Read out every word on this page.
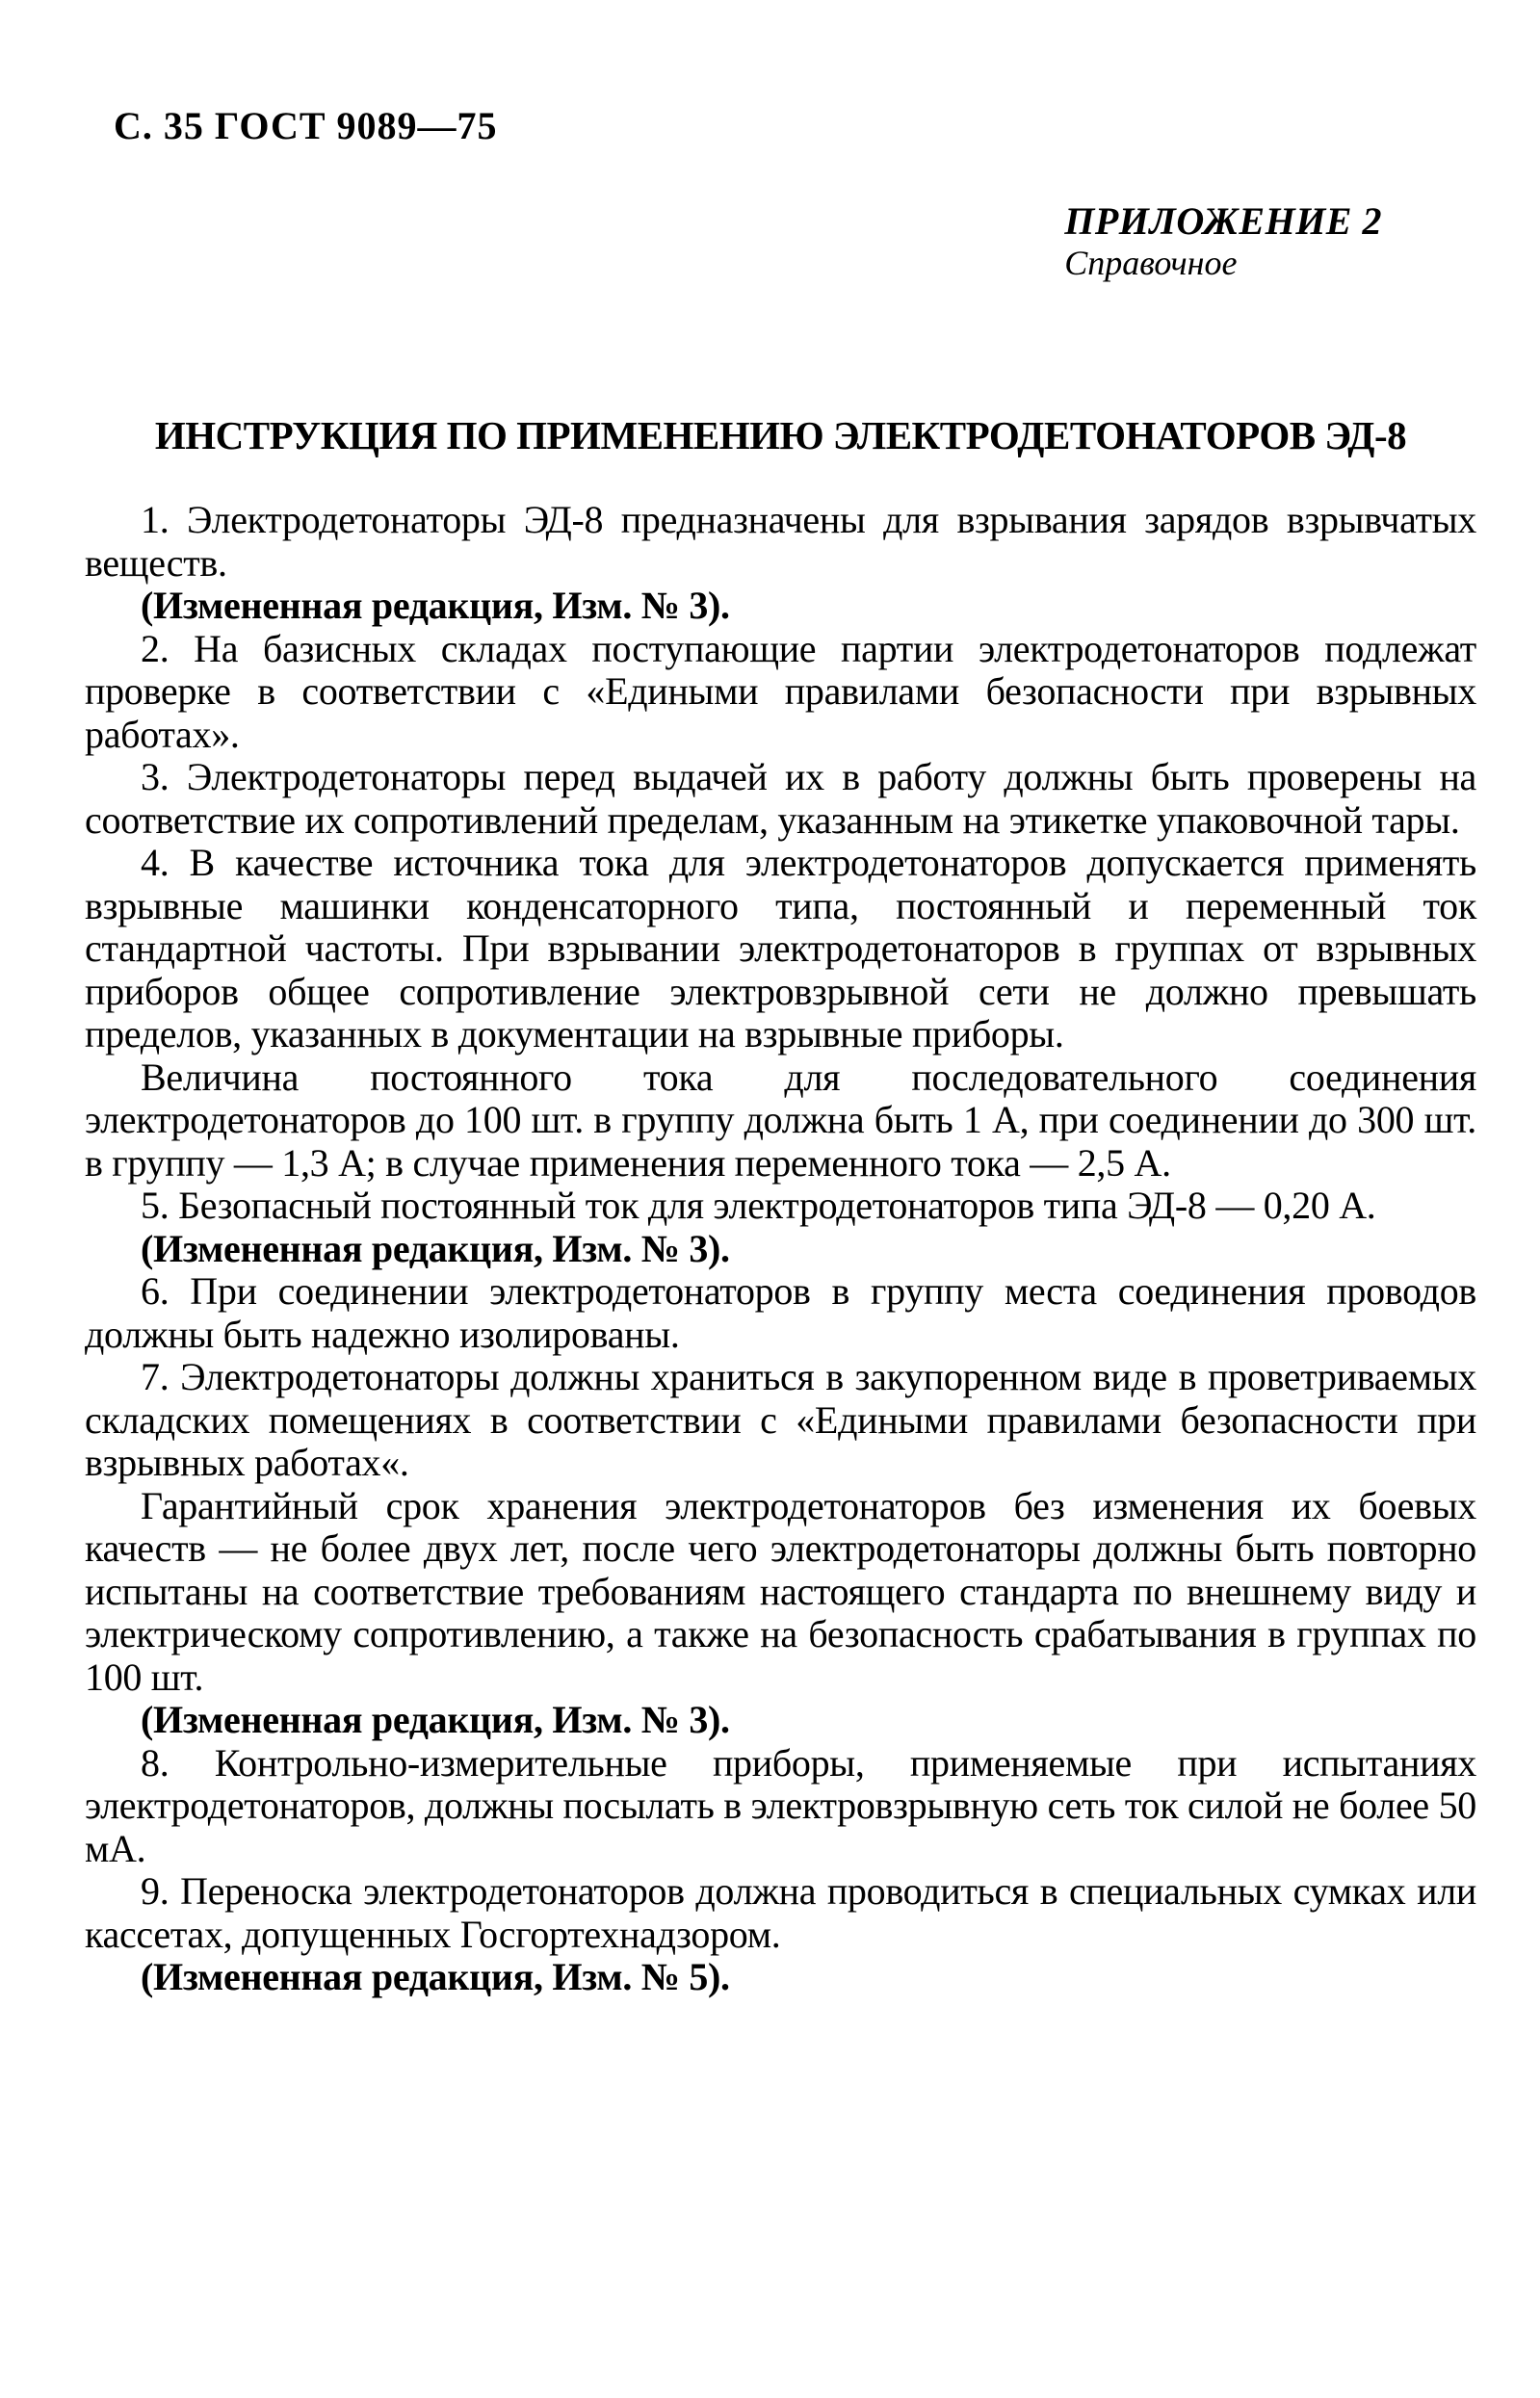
С. 35 ГОСТ 9089—75
ПРИЛОЖЕНИЕ 2
Справочное
ИНСТРУКЦИЯ ПО ПРИМЕНЕНИЮ ЭЛЕКТРОДЕТОНАТОРОВ ЭД-8

1. Электродетонаторы ЭД-8 предназначены для взрывания зарядов взрывчатых веществ.

(Измененная редакция, Изм. № 3).

2. На базисных складах поступающие партии электродетонаторов подлежат проверке в соответствии с «Едиными правилами безопасности при взрывных работах».

3. Электродетонаторы перед выдачей их в работу должны быть проверены на соответствие их сопротивлений пределам, указанным на этикетке упаковочной тары.

4. В качестве источника тока для электродетонаторов допускается применять взрывные машинки конденсаторного типа, постоянный и переменный ток стандартной частоты. При взрывании электродетонаторов в группах от взрывных приборов общее сопротивление электровзрывной сети не должно превышать пределов, указанных в документации на взрывные приборы.

Величина постоянного тока для последовательного соединения электродетонаторов до 100 шт. в группу должна быть 1 А, при соединении до 300 шт. в группу — 1,3 А; в случае применения переменного тока — 2,5 А.

5. Безопасный постоянный ток для электродетонаторов типа ЭД-8 — 0,20 А.

(Измененная редакция, Изм. № 3).

6. При соединении электродетонаторов в группу места соединения проводов должны быть надежно изолированы.

7. Электродетонаторы должны храниться в закупоренном виде в проветриваемых складских помещениях в соответствии с «Едиными правилами безопасности при взрывных работах«.

Гарантийный срок хранения электродетонаторов без изменения их боевых качеств — не более двух лет, после чего электродетонаторы должны быть повторно испытаны на соответствие требованиям настоящего стандарта по внешнему виду и электрическому сопротивлению, а также на безопасность срабатывания в группах по 100 шт.

(Измененная редакция, Изм. № 3).

8. Контрольно-измерительные приборы, применяемые при испытаниях электродетонаторов, должны посылать в электровзрывную сеть ток силой не более 50 мА.

9. Переноска электродетонаторов должна проводиться в специальных сумках или кассетах, допущенных Госгортехнадзором.

(Измененная редакция, Изм. № 5).
